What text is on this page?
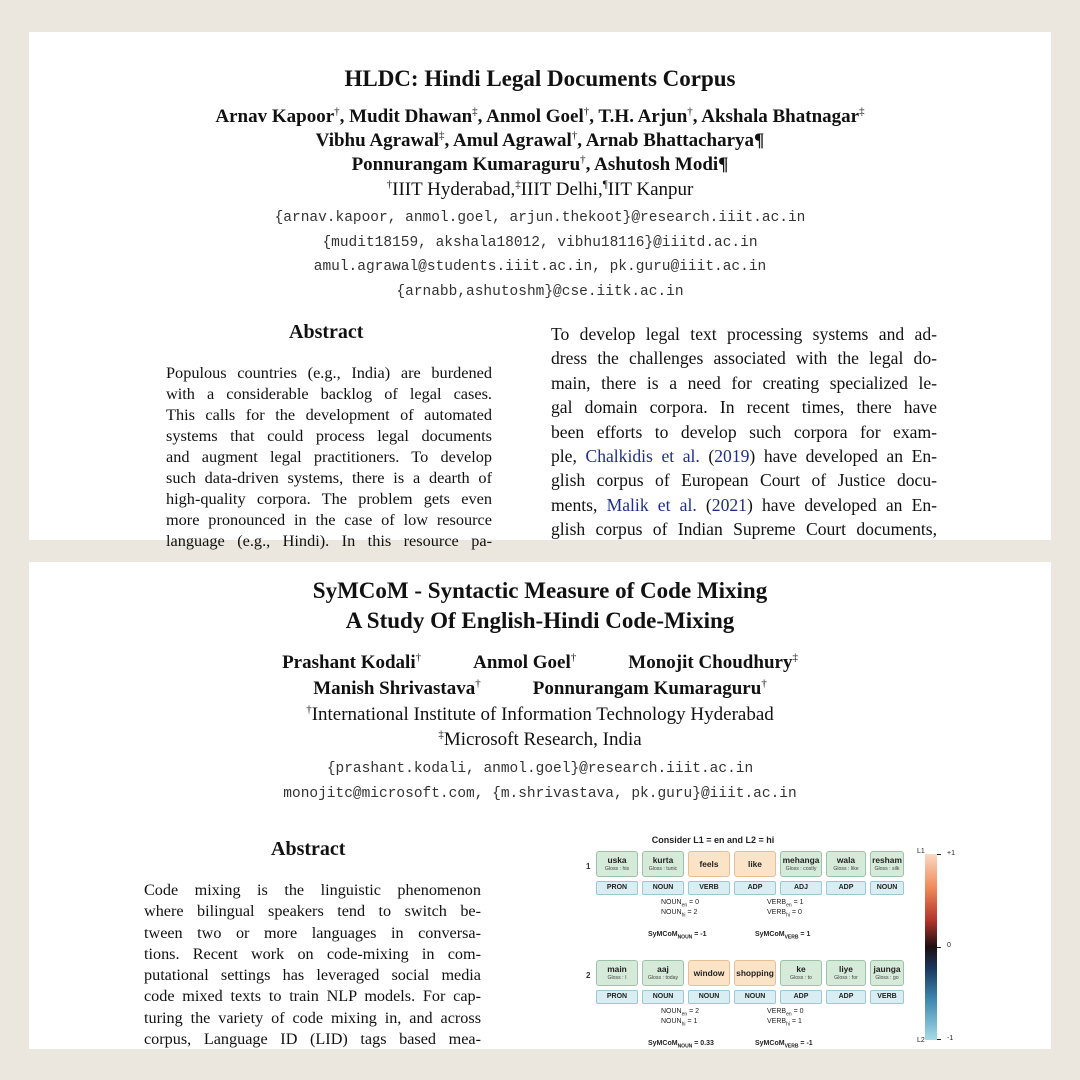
HLDC: Hindi Legal Documents Corpus
Arnav Kapoor†, Mudit Dhawan‡, Anmol Goel†, T.H. Arjun†, Akshala Bhatnagar‡
Vibhu Agrawal‡, Amul Agrawal†, Arnab Bhattacharya¶
Ponnurangam Kumaraguru†, Ashutosh Modi¶
†IIIT Hyderabad,‡IIIT Delhi,¶IIT Kanpur
{arnav.kapoor, anmol.goel, arjun.thekoot}@research.iiit.ac.in
{mudit18159, akshala18012, vibhu18116}@iiitd.ac.in
amul.agrawal@students.iiit.ac.in, pk.guru@iiit.ac.in
{arnabb,ashutoshm}@cse.iitk.ac.in
Abstract
Populous countries (e.g., India) are burdened
with a considerable backlog of legal cases.
This calls for the development of automated
systems that could process legal documents
and augment legal practitioners. To develop
such data-driven systems, there is a dearth of
high-quality corpora. The problem gets even
more pronounced in the case of low resource
language (e.g., Hindi). In this resource pa-
To develop legal text processing systems and ad-
dress the challenges associated with the legal do-
main, there is a need for creating specialized le-
gal domain corpora. In recent times, there have
been efforts to develop such corpora for exam-
ple, Chalkidis et al. (2019) have developed an En-
glish corpus of European Court of Justice docu-
ments, Malik et al. (2021) have developed an En-
glish corpus of Indian Supreme Court documents,
SyMCoM - Syntactic Measure of Code Mixing
A Study Of English-Hindi Code-Mixing
Prashant Kodali†	Anmol Goel†	Monojit Choudhury‡
Manish Shrivastava†	Ponnurangam Kumaraguru†
†International Institute of Information Technology Hyderabad
‡Microsoft Research, India
{prashant.kodali, anmol.goel}@research.iiit.ac.in
monojitc@microsoft.com, {m.shrivastava, pk.guru}@iiit.ac.in
Abstract
Code mixing is the linguistic phenomenon
where bilingual speakers tend to switch be-
tween two or more languages in conversa-
tions. Recent work on code-mixing in com-
putational settings has leveraged social media
code mixed texts to train NLP models. For cap-
turing the variety of code mixing in, and across
corpus, Language ID (LID) tags based mea-
Consider L1 = en and L2 = hi
L1	+1
0
L2	-1
1
uska
Gloss : his
PRON
kurta
Gloss : tunic
NOUN
feels
VERB
like
ADP
mehanga
Gloss : costly
ADJ
wala
Gloss : like
ADP
resham
Gloss : silk
NOUN
$NOUN_{en} = 0$
$NOUN_{hi} = 2$
$VERB_{en} = 1$
$VERB_{hi} = 0$
SyMCoM$_{NOUN}$ = -1	SyMCoM$_{VERB}$ = 1
2
main
Gloss : I
PRON
aaj
Gloss : today
NOUN
window
NOUN
shopping
NOUN
ke
Gloss : to
ADP
liye
Gloss : for
ADP
jaunga
Gloss : go
VERB
$NOUN_{en} = 2$
$NOUN_{hi} = 1$
$VERB_{en} = 0$
$VERB_{hi} = 1$
SyMCoM$_{NOUN}$ = 0.33	SyMCoM$_{VERB}$ = -1
